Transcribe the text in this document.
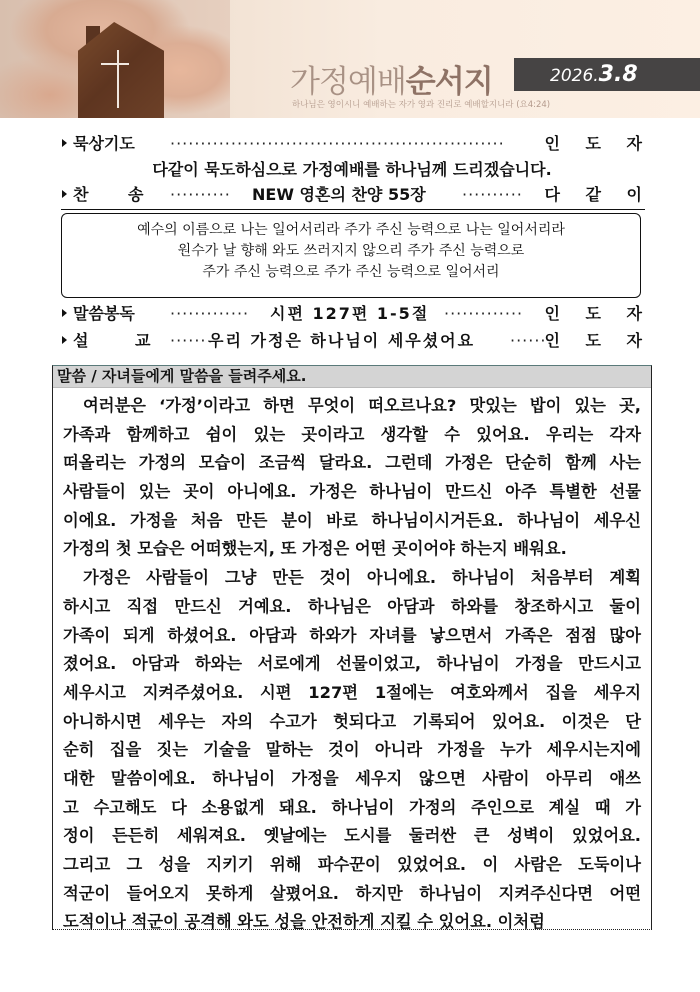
가정예배순서지	2026.3.8
하나님은 영이시니 예배하는 자가 영과 진리로 예배할지니라 (요4:24)
묵상기도 ······················································· 인 도 자
다같이 묵도하심으로 가정예배를 하나님께 드리겠습니다.
찬 송 ·········· NEW 영혼의 찬양 55장 ·········· 다 같 이
예수의 이름으로 나는 일어서리라 주가 주신 능력으로 나는 일어서리라
원수가 날 향해 와도 쓰러지지 않으리 주가 주신 능력으로
주가 주신 능력으로 주가 주신 능력으로 일어서리
말씀봉독 ············· 시편 127편 1-5절 ············· 인 도 자
설	교 ······ 우리 가정은 하나님이 세우셨어요 ······
인 도 자
말씀 / 자녀들에게 말씀을 들려주세요.
여러분은 ‘가정’이라고 하면 무엇이 떠오르나요? 맛있는 밥이 있는 곳,
가족과 함께하고 쉼이 있는 곳이라고 생각할 수 있어요. 우리는 각자
떠올리는 가정의 모습이 조금씩 달라요. 그런데 가정은 단순히 함께 사는
사람들이 있는 곳이 아니에요. 가정은 하나님이 만드신 아주 특별한 선물
이에요. 가정을 처음 만든 분이 바로 하나님이시거든요. 하나님이 세우신
가정의 첫 모습은 어떠했는지, 또 가정은 어떤 곳이어야 하는지 배워요.
가정은 사람들이 그냥 만든 것이 아니에요. 하나님이 처음부터 계획
하시고 직접 만드신 거예요. 하나님은 아담과 하와를 창조하시고 둘이
가족이 되게 하셨어요. 아담과 하와가 자녀를 낳으면서 가족은 점점 많아
졌어요. 아담과 하와는 서로에게 선물이었고, 하나님이 가정을 만드시고
세우시고 지켜주셨어요. 시편 127편 1절에는 여호와께서 집을 세우지
아니하시면 세우는 자의 수고가 헛되다고 기록되어 있어요. 이것은 단
순히 집을 짓는 기술을 말하는 것이 아니라 가정을 누가 세우시는지에
대한 말씀이에요. 하나님이 가정을 세우지 않으면 사람이 아무리 애쓰
고 수고해도 다 소용없게 돼요. 하나님이 가정의 주인으로 계실 때 가
정이 든든히 세워져요. 옛날에는 도시를 둘러싼 큰 성벽이 있었어요.
그리고 그 성을 지키기 위해 파수꾼이 있었어요. 이 사람은 도둑이나
적군이 들어오지 못하게 살폈어요. 하지만 하나님이 지켜주신다면 어떤
도적이나 적군이 공격해 와도 성을 안전하게 지킬 수 있어요. 이처럼
